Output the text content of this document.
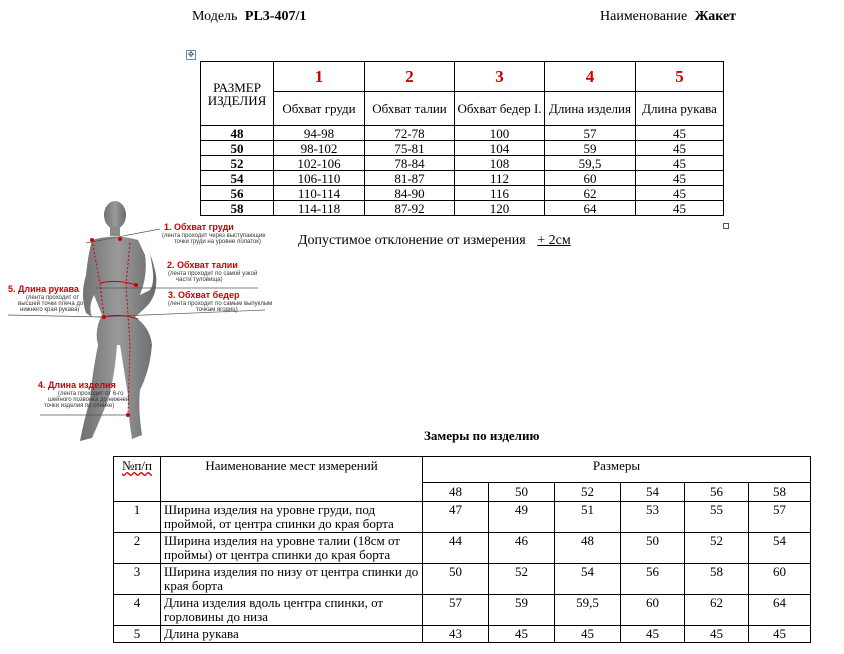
Модель PL3-407/1	Наименование Жакет
✥
РАЗМЕР ИЗДЕЛИЯ	1	2	3	4	5
	Обхват груди	Обхват талии	Обхват бедер I.	Длина изделия	Длина рукава
48	94-98	72-78	100	57	45
50	98-102	75-81	104	59	45
52	102-106	78-84	108	59,5	45
54	106-110	81-87	112	60	45
56	110-114	84-90	116	62	45
58	114-118	87-92	120	64	45
Допустимое отклонение от измерения + 2см
1. Обхват груди
(лента проходит через выступающие
точки груди на уровне лопаток)
2. Обхват талии
(лента проходит по самой узкой
части туловища)
3. Обхват бедер
(лента проходит по самым выпуклым
точкам ягодиц)
5. Длина рукава
(лента проходит от
высшей точки плеча до
нижнего края рукава)
4. Длина изделия
(лента проходит от 6-го
шейного позвонка до нижней
точки изделия по спинке)
Замеры по изделию
№п/п	Наименование мест измерений	Размеры					
		48	50	52	54	56	58
1	Ширина изделия на уровне груди, под проймой, от центра спинки до края борта	47	49	51	53	55	57
2	Ширина изделия на уровне талии (18см от проймы) от центра спинки до края борта	44	46	48	50	52	54
3	Ширина изделия по низу от центра спинки до края борта	50	52	54	56	58	60
4	Длина изделия вдоль центра спинки, от горловины до низа	57	59	59,5	60	62	64
5	Длина рукава	43	45	45	45	45	45
